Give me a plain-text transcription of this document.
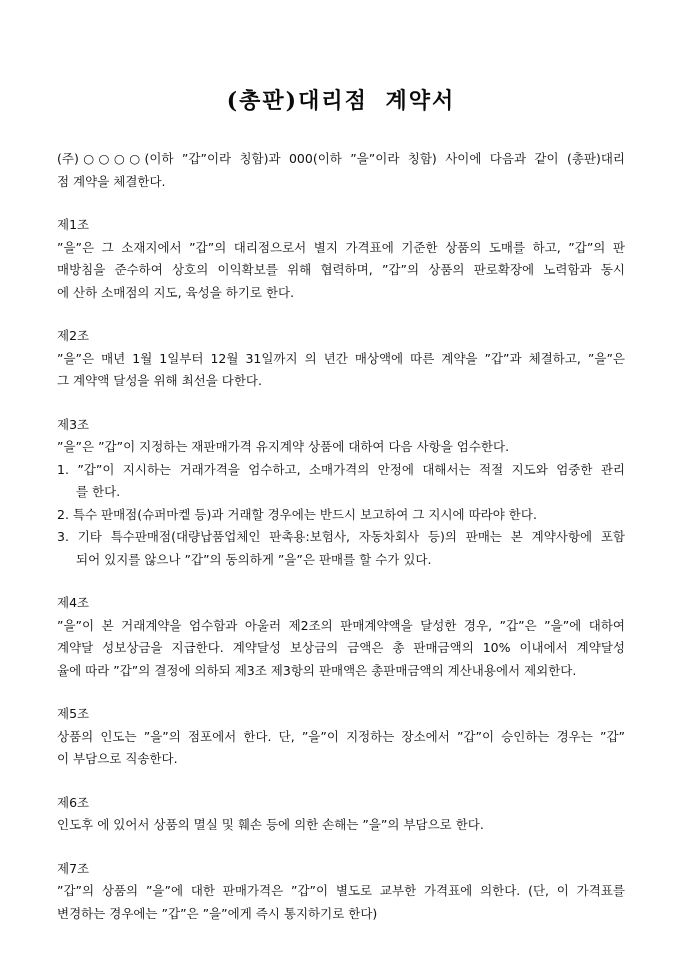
(총판)대리점 계약서
(주)○○○○(이하 ”갑”이라 칭함)과 000(이하 ”을”이라 칭함) 사이에 다음과 같이 (총판)대리
점 계약을 체결한다.
제1조
”을”은 그 소재지에서 ”갑”의 대리점으로서 별지 가격표에 기준한 상품의 도매를 하고, ”갑”의 판
매방침을 준수하여 상호의 이익확보를 위해 협력하며, ”갑”의 상품의 판로확장에 노력함과 동시
에 산하 소매점의 지도, 육성을 하기로 한다.
제2조
”을”은 매년 1월 1일부터 12월 31일까지 의 년간 매상액에 따른 계약을 ”갑”과 체결하고, ”을”은
그 계약액 달성을 위해 최선을 다한다.
제3조
”을”은 ”갑”이 지정하는 재판매가격 유지계약 상품에 대하여 다음 사항을 엄수한다.
1. ”갑”이 지시하는 거래가격을 엄수하고, 소매가격의 안정에 대해서는 적절 지도와 엄중한 관리
를 한다.
2. 특수 판매점(슈퍼마켙 등)과 거래할 경우에는 반드시 보고하여 그 지시에 따라야 한다.
3. 기타 특수판매점(대량납품업체인 판촉용:보험사, 자동차회사 등)의 판매는 본 계약사항에 포함
되어 있지를 않으나 ”갑”의 동의하게 ”을”은 판매를 할 수가 있다.
제4조
”을”이 본 거래계약을 엄수함과 아울러 제2조의 판매계약액을 달성한 경우, ”갑”은 ”을”에 대하여
계약달 성보상금을 지급한다. 계약달성 보상금의 금액은 총 판매금액의 10% 이내에서 계약달성
율에 따라 ”갑”의 결정에 의하되 제3조 제3항의 판매액은 총판매금액의 계산내용에서 제외한다.
제5조
상품의 인도는 ”을”의 점포에서 한다. 단, ”을”이 지정하는 장소에서 ”갑”이 승인하는 경우는 ”갑”
이 부담으로 직송한다.
제6조
인도후 에 있어서 상품의 멸실 및 훼손 등에 의한 손해는 ”을”의 부담으로 한다.
제7조
”갑”의 상품의 ”을”에 대한 판매가격은 ”갑”이 별도로 교부한 가격표에 의한다. (단, 이 가격표를
변경하는 경우에는 ”갑”은 ”을”에게 즉시 통지하기로 한다)
